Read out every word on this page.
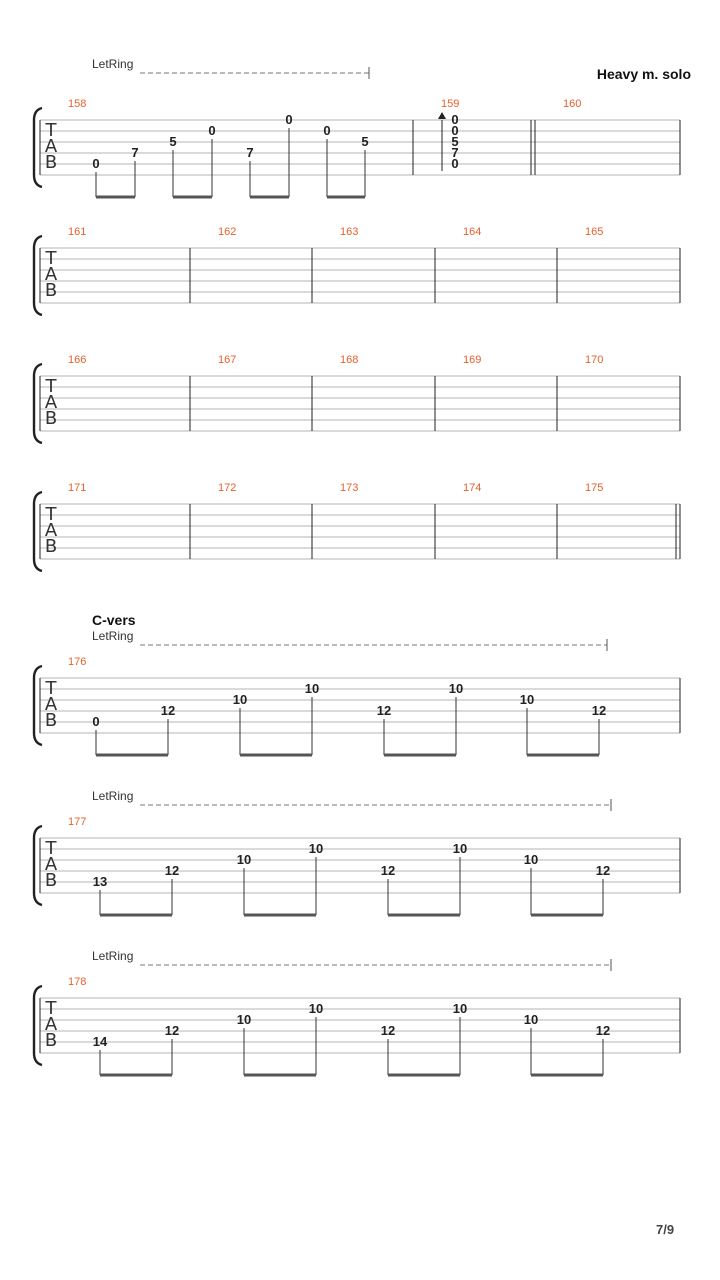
Heavy m. solo
LetRing
T
A
B
158	159	160
0
7
5
0
7
0
0
5
0
0
5
7
0
T
A
B
161	162	163	164	165
T
A
B
166	167	168	169	170
T
A
B
171	172	173	174	175
C-vers
LetRing
T
A
B
176
0
12
10
10
12
10
10
12
LetRing
T
A
B
177
13
12
10
10
12
10
10
12
LetRing
T
A
B
178
14
12
10
10
12
10
10
12
7/9
